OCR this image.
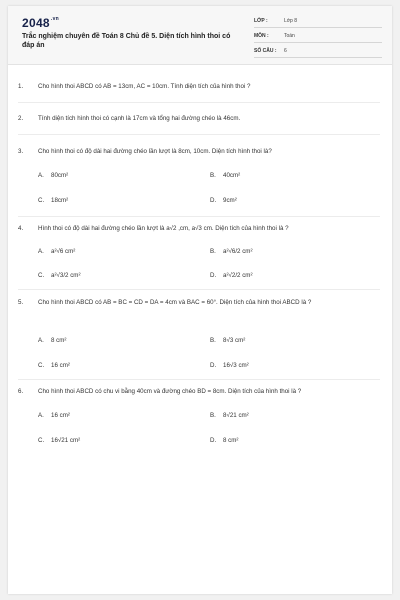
$2048^{.vn}$
Trắc nghiệm chuyên đề Toán 8 Chủ đề 5. Diện tích hình thoi có đáp án
LỚP :	Lớp 8
MÔN :	Toán
SỐ CÂU : 6
1.	Cho hình thoi ABCD có AB = 13cm, AC = 10cm. Tính diện tích của hình thoi ?
2.	Tính diện tích hình thoi có cạnh là 17cm và tổng hai đường chéo là 46cm.
3.	Cho hình thoi có độ dài hai đường chéo lần lượt là 8cm, 10cm. Diện tích hình thoi là?
A. 80cm²	B. 40cm²
C. 18cm²	D. 9cm²
4.	Hình thoi có độ dài hai đường chéo lần lượt là a√2 ,cm, a√3 cm. Diện tích của hình thoi là ?
A. a²√6 cm²	B. a²√6/2 cm²
C. a²√3/2 cm²	D. a²√2/2 cm²
5.	Cho hình thoi ABCD có AB = BC = CD = DA = 4cm và BAC = 60°. Diện tích của hình thoi ABCD là ?
A. 8 cm²	B. 8√3 cm²
C. 16 cm²	D. 16√3 cm²
6.	Cho hình thoi ABCD có chu vi bằng 40cm và đường chéo BD = 8cm. Diện tích của hình thoi là ?
A. 16 cm²	B. 8√21 cm²
C. 16√21 cm²	D. 8 cm²
